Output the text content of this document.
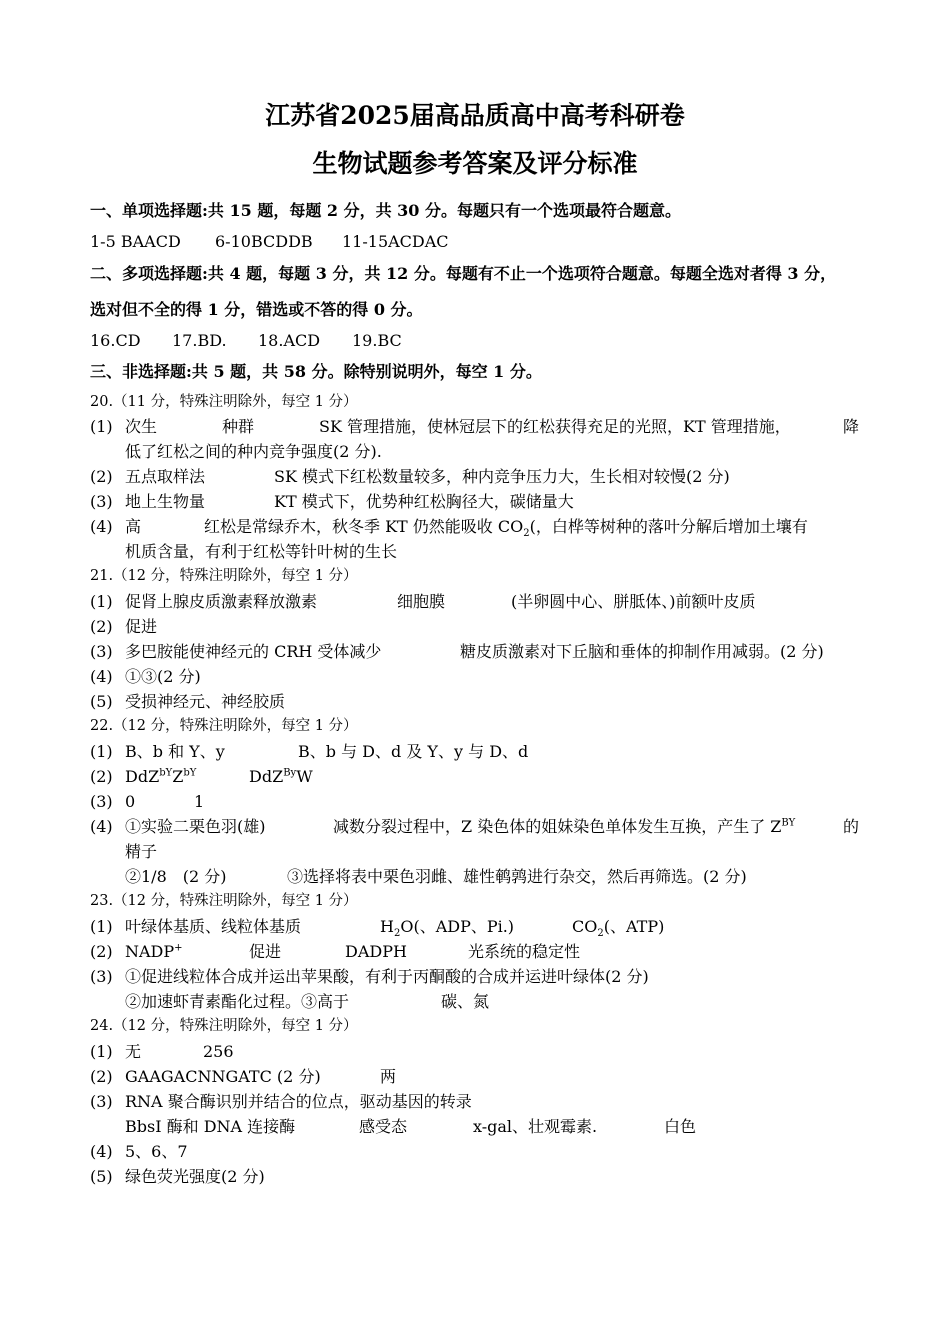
江苏省2025届高品质高中高考科研卷
生物试题参考答案及评分标准
一、单项选择题:共 15 题，每题 2 分，共 30 分。每题只有一个选项最符合题意。
1-5 BAACD 6-10BCDDB 11-15ACDAC
二、多项选择题:共 4 题，每题 3 分，共 12 分。每题有不止一个选项符合题意。每题全选对者得 3 分，
选对但不全的得 1 分，错选或不答的得 0 分。
16.CD 17.BD. 18.ACD 19.BC
三、非选择题:共 5 题，共 58 分。除特别说明外，每空 1 分。
20.（11 分，特殊注明除外，每空 1 分）
(1) 次生	种群	SK 管理措施，使林冠层下的红松获得充足的光照，KT 管理措施，	降
低了红松之间的种内竞争强度(2 分).
(2) 五点取样法	SK 模式下红松数量较多，种内竞争压力大，生长相对较慢(2 分)
(3) 地上生物量	KT 模式下，优势种红松胸径大，碳储量大
(4) 高	红松是常绿乔木，秋冬季 KT 仍然能吸收 $CO_2$(，白桦等树种的落叶分解后增加土壤有
机质含量，有利于红松等针叶树的生长
21.（12 分，特殊注明除外，每空 1 分）
(1) 促肾上腺皮质激素释放激素	细胞膜	(半卵圆中心、胼胝体、)前额叶皮质
(2) 促进
(3) 多巴胺能使神经元的 CRH 受体减少	糖皮质激素对下丘脑和垂体的抑制作用减弱。(2 分)
(4) ①③(2 分)
(5) 受损神经元、神经胶质
22.（12 分，特殊注明除外，每空 1 分）
(1) B、b 和 Y、y	B、b 与 D、d 及 Y、y 与 D、d
(2) $DdZ^{bY}Z^{bY}$	DdZ$^{By}$W
(3) 0	1
(4) ①实验二栗色羽(雄)	减数分裂过程中，Z 染色体的姐妹染色单体发生互换，产生了 $Z^{BY}$	的
精子
②1/8　(2 分)	③选择将表中栗色羽雌、雄性鹌鹑进行杂交，然后再筛选。(2 分)
23.（12 分，特殊注明除外，每空 1 分）
(1) 叶绿体基质、线粒体基质	$H_2O$(、ADP、Pi.)	$CO_2$(、ATP)
(2) NADP+	促进	DADPH	光系统的稳定性
(3) ①促进线粒体合成并运出苹果酸，有利于丙酮酸的合成并运进叶绿体(2 分)
②加速虾青素酯化过程。③高于	碳、氮
24.（12 分，特殊注明除外，每空 1 分）
(1) 无	256
(2) GAAGACNNGATC (2 分)	两
(3) RNA 聚合酶识别并结合的位点，驱动基因的转录
BbsI 酶和 DNA 连接酶	感受态	x-gal、壮观霉素.	白色
(4) 5、6、7
(5) 绿色荧光强度(2 分)
